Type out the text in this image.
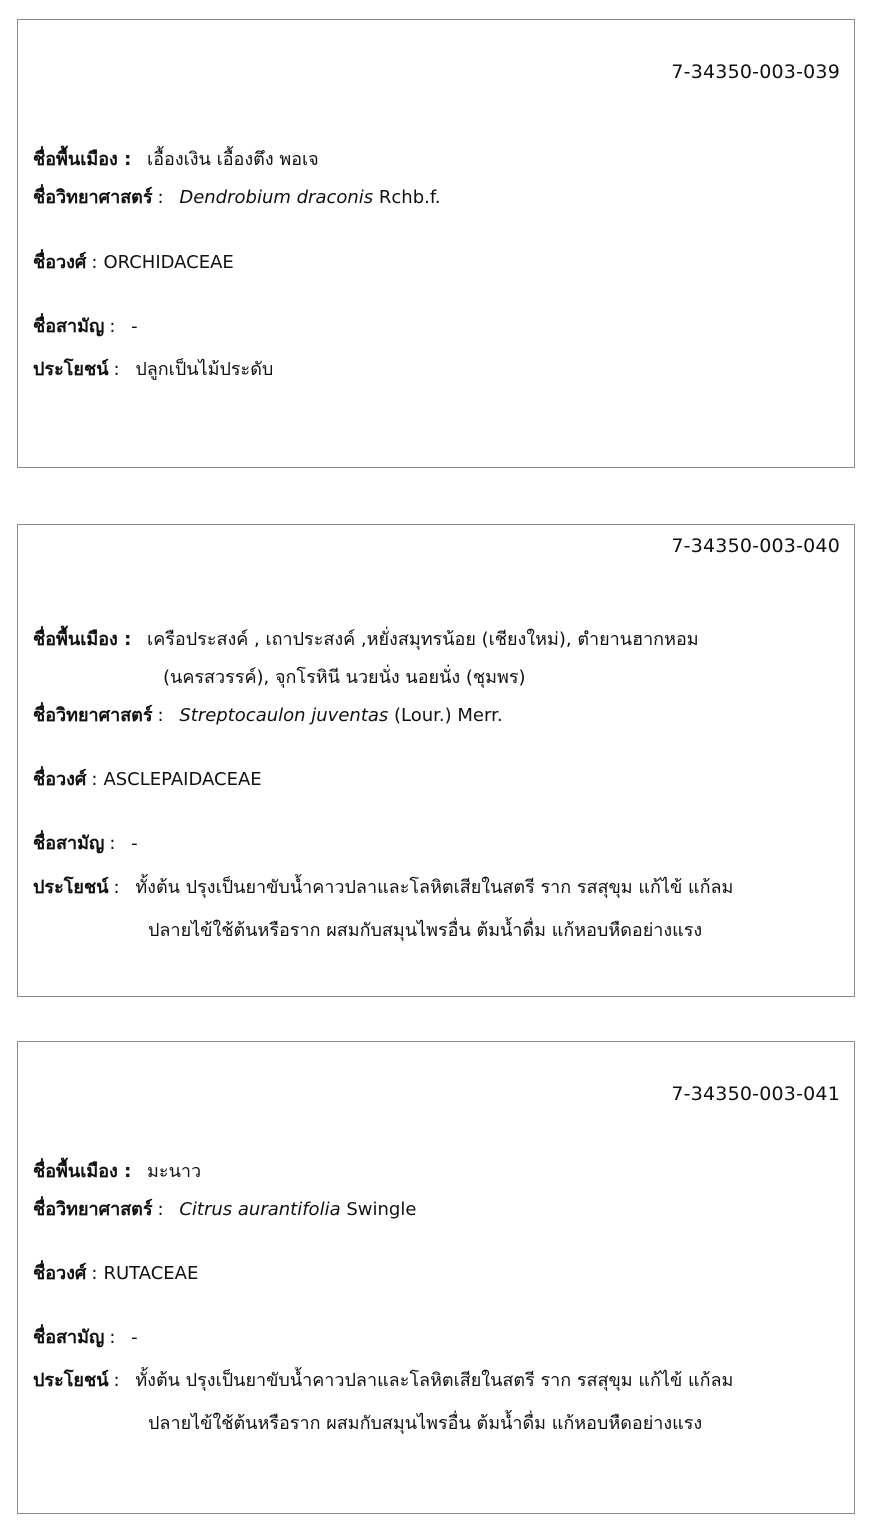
7-34350-003-039
ชื่อพื้นเมือง : เอื้องเงิน เอื้องตึง พอเจ
ชื่อวิทยาศาสตร์ : Dendrobium draconis Rchb.f.
ชื่อวงศ์ : ORCHIDACEAE
ชื่อสามัญ : -
ประโยชน์ : ปลูกเป็นไม้ประดับ
7-34350-003-040
ชื่อพื้นเมือง : เครือประสงค์ , เถาประสงค์ ,หยั่งสมุทรน้อย (เชียงใหม่), ตำยานฮากหอม
(นครสวรรค์), จุกโรหินี นวยนั่ง นอยนั่ง (ชุมพร)
ชื่อวิทยาศาสตร์ : Streptocaulon juventas (Lour.) Merr.
ชื่อวงศ์ : ASCLEPAIDACEAE
ชื่อสามัญ : -
ประโยชน์ : ทั้งต้น ปรุงเป็นยาขับน้ำคาวปลาและโลหิตเสียในสตรี ราก รสสุขุม แก้ไข้ แก้ลม
ปลายไข้ใช้ต้นหรือราก ผสมกับสมุนไพรอื่น ต้มน้ำดื่ม แก้หอบหืดอย่างแรง
7-34350-003-041
ชื่อพื้นเมือง : มะนาว
ชื่อวิทยาศาสตร์ : Citrus aurantifolia Swingle
ชื่อวงศ์ : RUTACEAE
ชื่อสามัญ : -
ประโยชน์ : ทั้งต้น ปรุงเป็นยาขับน้ำคาวปลาและโลหิตเสียในสตรี ราก รสสุขุม แก้ไข้ แก้ลม
ปลายไข้ใช้ต้นหรือราก ผสมกับสมุนไพรอื่น ต้มน้ำดื่ม แก้หอบหืดอย่างแรง
